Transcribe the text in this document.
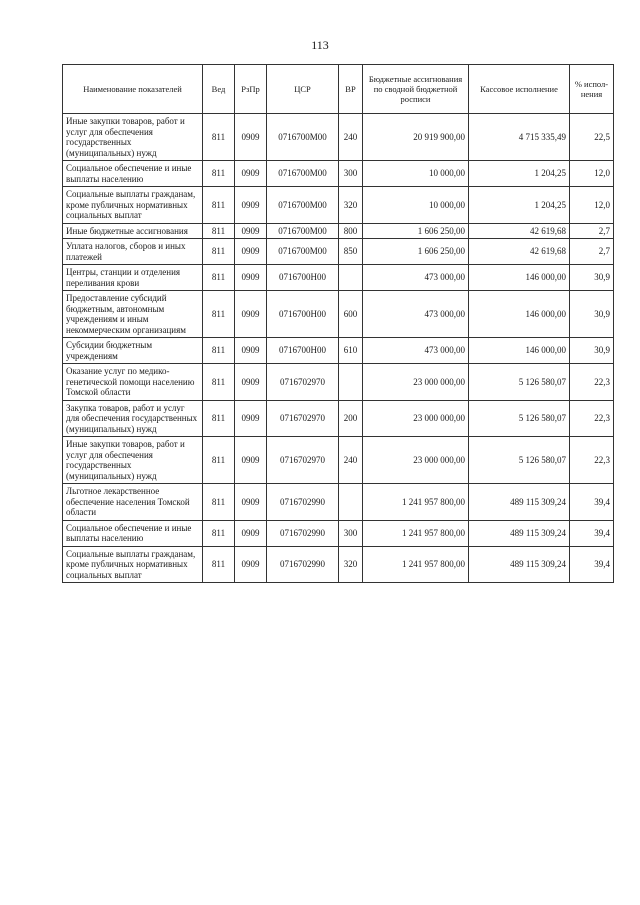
113
Наименование показателей	Вед	РзПр	ЦСР	ВР	Бюджетные ассигнования по сводной бюджетной росписи	Кассовое исполнение	% испол-нения
Иные закупки товаров, работ и услуг для обеспечения государственных (муниципальных) нужд	811	0909	0716700М00	240	20 919 900,00	4 715 335,49	22,5
Социальное обеспечение и иные выплаты населению	811	0909	0716700М00	300	10 000,00	1 204,25	12,0
Социальные выплаты гражданам, кроме публичных нормативных социальных выплат	811	0909	0716700М00	320	10 000,00	1 204,25	12,0
Иные бюджетные ассигнования	811	0909	0716700М00	800	1 606 250,00	42 619,68	2,7
Уплата налогов, сборов и иных платежей	811	0909	0716700М00	850	1 606 250,00	42 619,68	2,7
Центры, станции и отделения переливания крови	811	0909	0716700Н00		473 000,00	146 000,00	30,9
Предоставление субсидий бюджетным, автономным учреждениям и иным некоммерческим организациям	811	0909	0716700Н00	600	473 000,00	146 000,00	30,9
Субсидии бюджетным учреждениям	811	0909	0716700Н00	610	473 000,00	146 000,00	30,9
Оказание услуг по медико-генетической помощи населению Томской области	811	0909	0716702970		23 000 000,00	5 126 580,07	22,3
Закупка товаров, работ и услуг для обеспечения государственных (муниципальных) нужд	811	0909	0716702970	200	23 000 000,00	5 126 580,07	22,3
Иные закупки товаров, работ и услуг для обеспечения государственных (муниципальных) нужд	811	0909	0716702970	240	23 000 000,00	5 126 580,07	22,3
Льготное лекарственное обеспечение населения Томской области	811	0909	0716702990		1 241 957 800,00	489 115 309,24	39,4
Социальное обеспечение и иные выплаты населению	811	0909	0716702990	300	1 241 957 800,00	489 115 309,24	39,4
Социальные выплаты гражданам, кроме публичных нормативных социальных выплат	811	0909	0716702990	320	1 241 957 800,00	489 115 309,24	39,4
